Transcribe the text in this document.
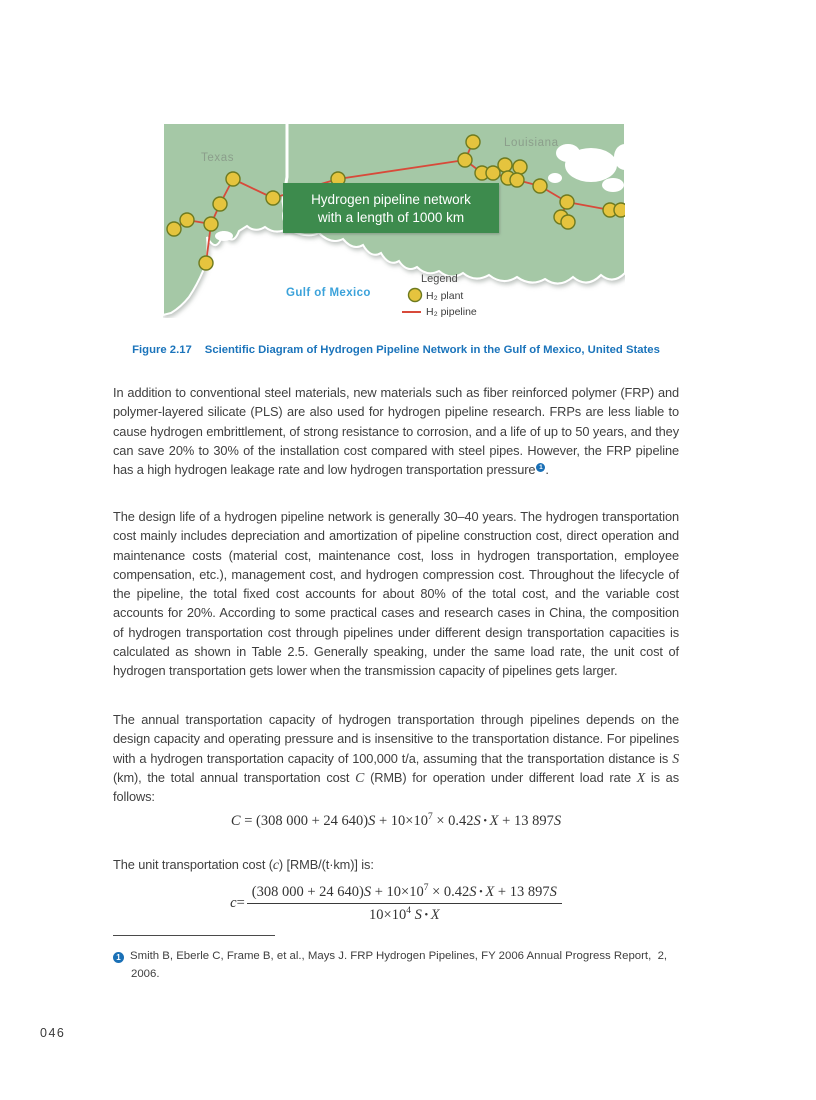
Hydrogen pipeline network
with a length of 1000 km
Texas
Louisiana
Gulf of Mexico
Legend
H₂ plant
H₂ pipeline
Figure 2.17 Scientific Diagram of Hydrogen Pipeline Network in the Gulf of Mexico, United States

In addition to conventional steel materials, new materials such as fiber reinforced polymer (FRP) and polymer-layered silicate (PLS) are also used for hydrogen pipeline research. FRPs are less liable to cause hydrogen embrittlement, of strong resistance to corrosion, and a life of up to 50 years, and they can save 20% to 30% of the installation cost compared with steel pipes. However, the FRP pipeline has a high hydrogen leakage rate and low hydrogen transportation pressure 1 .

The design life of a hydrogen pipeline network is generally 30–40 years. The hydrogen transportation cost mainly includes depreciation and amortization of pipeline construction cost, direct operation and maintenance costs (material cost, maintenance cost, loss in hydrogen transportation, employee compensation, etc.), management cost, and hydrogen compression cost. Throughout the lifecycle of the pipeline, the total fixed cost accounts for about 80% of the total cost, and the variable cost accounts for 20%. According to some practical cases and research cases in China, the composition of hydrogen transportation cost through pipelines under different design transportation capacities is calculated as shown in Table 2.5. Generally speaking, under the same load rate, the unit cost of hydrogen transportation gets lower when the transmission capacity of pipelines gets larger.

The annual transportation capacity of hydrogen transportation through pipelines depends on the design capacity and operating pressure and is insensitive to the transportation distance. For pipelines with a hydrogen transportation capacity of 100,000 t/a, assuming that the transportation distance is S (km), the total annual transportation cost C (RMB) for operation under different load rate X is as follows:

C = (308 000 + 24 $640)S + 10\times 10^7 \times 0.42S$ • X + 13 897S

The unit transportation cost (c) [RMB/(t·km)] is:

$c = \frac{(308 000 + 24 640)S + 10\times 10^7 \times 0.42S • X + 13 897S}{10\times 10^4 S • X}$
1 Smith B, Eberle C, Frame B, et al., Mays J. FRP Hydrogen Pipelines, FY 2006 Annual Progress Report,  2, 2006.
046
